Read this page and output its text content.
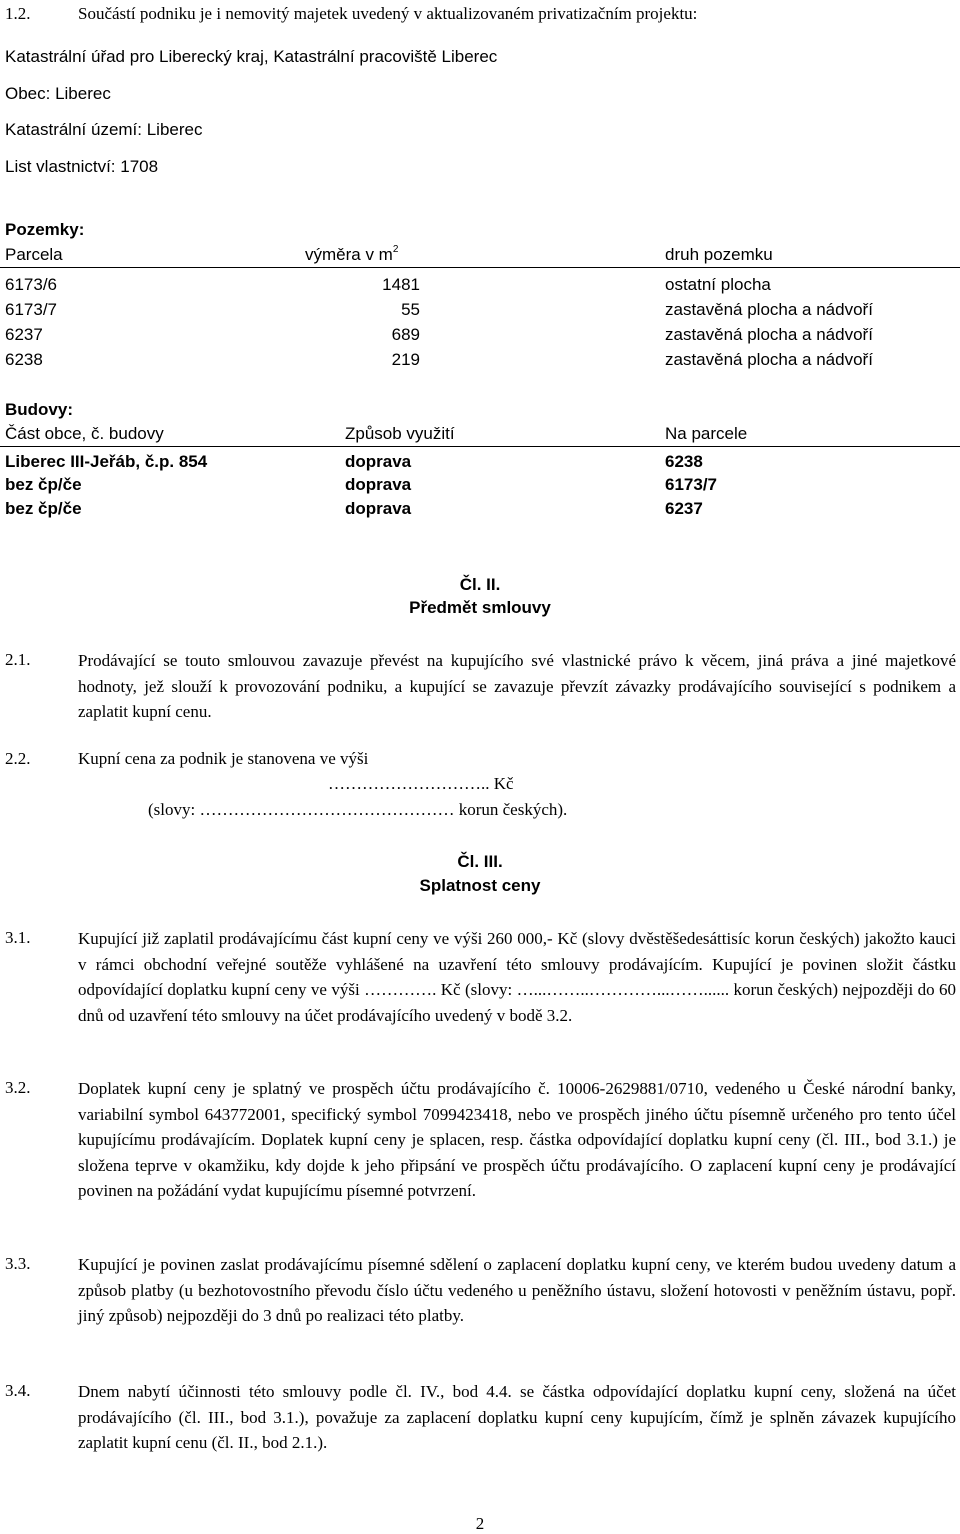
1.2.	Součástí podniku je i nemovitý majetek uvedený v aktualizovaném privatizačním projektu:
Katastrální úřad pro Liberecký kraj, Katastrální pracoviště Liberec
Obec: Liberec
Katastrální území: Liberec
List vlastnictví: 1708
Pozemky:
Parcela	výměra v $m^2$	druh pozemku
6173/6	1481	ostatní plocha
6173/7	55	zastavěná plocha a nádvoří
6237	689	zastavěná plocha a nádvoří
6238	219	zastavěná plocha a nádvoří
Budovy:
Část obce, č. budovy	Způsob využití	Na parcele
Liberec III-Jeřáb, č.p. 854	doprava	6238
bez čp/če	doprava	6173/7
bez čp/če	doprava	6237
Čl. II.
Předmět smlouvy
2.1.	Prodávající se touto smlouvou zavazuje převést na kupujícího své vlastnické právo k věcem, jiná práva a jiné majetkové hodnoty, jež slouží k provozování podniku, a kupující se zavazuje převzít závazky prodávajícího související s podnikem a zaplatit kupní cenu.
2.2.	Kupní cena za podnik je stanovena ve výši
……………………….. Kč
(slovy: ……………………………………… korun českých).
Čl. III.
Splatnost ceny
3.1.	Kupující již zaplatil prodávajícímu část kupní ceny ve výši 260 000,- Kč (slovy dvěstěšedesáttisíc korun českých) jakožto kauci v rámci obchodní veřejné soutěže vyhlášené na uzavření této smlouvy prodávajícím. Kupující je povinen složit částku odpovídající doplatku kupní ceny ve výši …………. Kč (slovy: …...……..…………...……...... korun českých) nejpozději do 60 dnů od uzavření této smlouvy na účet prodávajícího uvedený v bodě 3.2.
3.2.	Doplatek kupní ceny je splatný ve prospěch účtu prodávajícího č. 10006-2629881/0710, vedeného u České národní banky, variabilní symbol 643772001, specifický symbol 7099423418, nebo ve prospěch jiného účtu písemně určeného pro tento účel kupujícímu prodávajícím. Doplatek kupní ceny je splacen, resp. částka odpovídající doplatku kupní ceny (čl. III., bod 3.1.) je složena teprve v okamžiku, kdy dojde k jeho připsání ve prospěch účtu prodávajícího. O zaplacení kupní ceny je prodávající povinen na požádání vydat kupujícímu písemné potvrzení.
3.3.	Kupující je povinen zaslat prodávajícímu písemné sdělení o zaplacení doplatku kupní ceny, ve kterém budou uvedeny datum a způsob platby (u bezhotovostního převodu číslo účtu vedeného u peněžního ústavu, složení hotovosti v peněžním ústavu, popř. jiný způsob) nejpozději do 3 dnů po realizaci této platby.
3.4.	Dnem nabytí účinnosti této smlouvy podle čl. IV., bod 4.4. se částka odpovídající doplatku kupní ceny, složená na účet prodávajícího (čl. III., bod 3.1.), považuje za zaplacení doplatku kupní ceny kupujícím, čímž je splněn závazek kupujícího zaplatit kupní cenu (čl. II., bod 2.1.).
2
